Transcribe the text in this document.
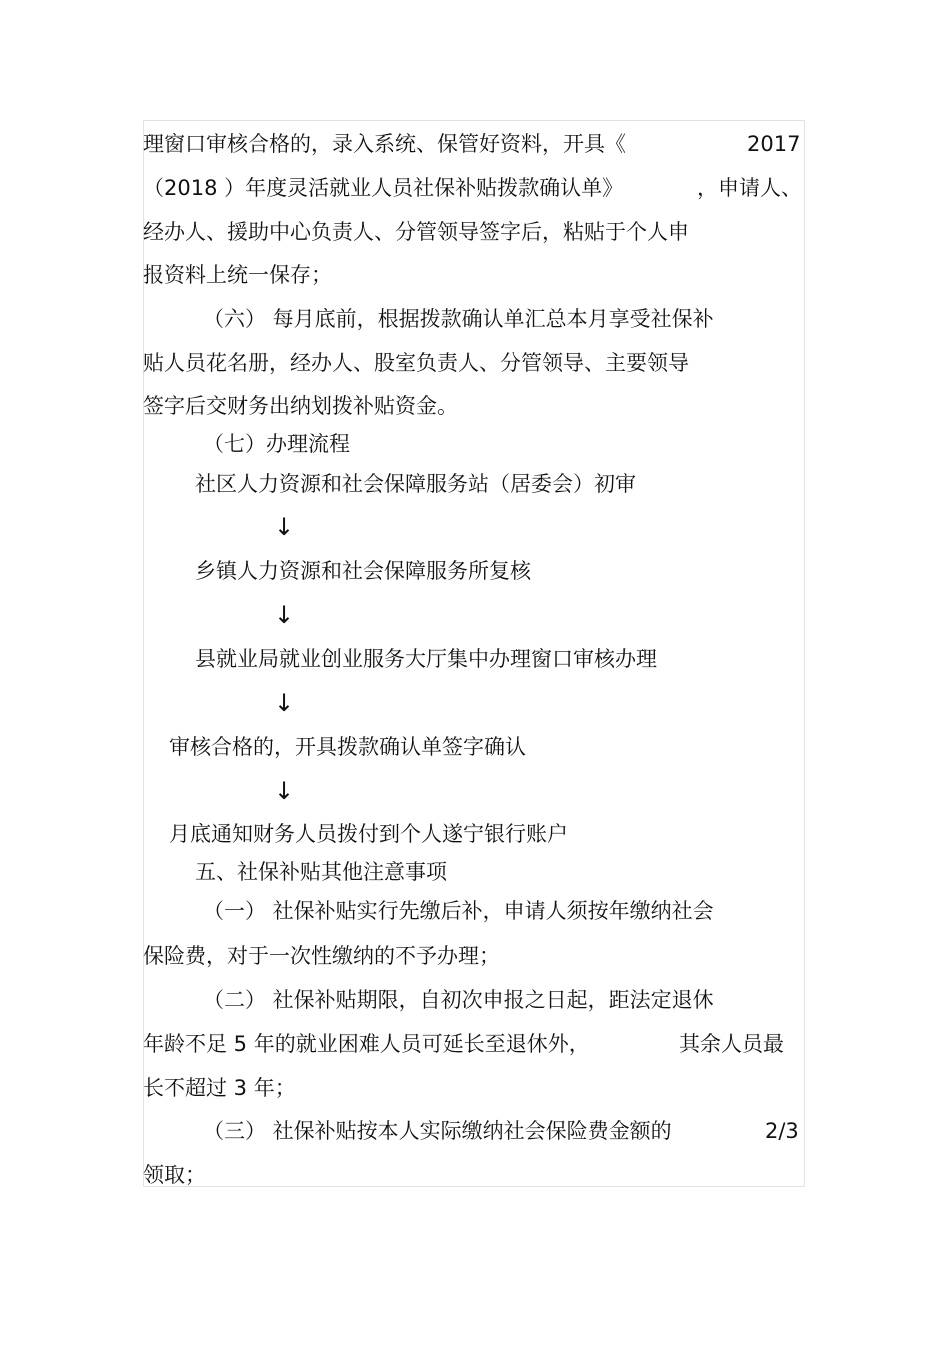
理窗口审核合格的，录入系统、保管好资料，开具《	2017
（2018 ）年度灵活就业人员社保补贴拨款确认单》	，申请人、
经办人、援助中心负责人、分管领导签字后，粘贴于个人申
报资料上统一保存；
（六） 每月底前，根据拨款确认单汇总本月享受社保补
贴人员花名册，经办人、股室负责人、分管领导、主要领导
签字后交财务出纳划拨补贴资金。
（七）办理流程
社区人力资源和社会保障服务站（居委会）初审
↓
乡镇人力资源和社会保障服务所复核
↓
县就业局就业创业服务大厅集中办理窗口审核办理
↓
审核合格的，开具拨款确认单签字确认
↓
月底通知财务人员拨付到个人遂宁银行账户
五、社保补贴其他注意事项
（一） 社保补贴实行先缴后补，申请人须按年缴纳社会
保险费，对于一次性缴纳的不予办理；
（二） 社保补贴期限，自初次申报之日起，距法定退休
年龄不足 5 年的就业困难人员可延长至退休外，	其余人员最
长不超过 3 年；
（三） 社保补贴按本人实际缴纳社会保险费金额的	2/3
领取；
